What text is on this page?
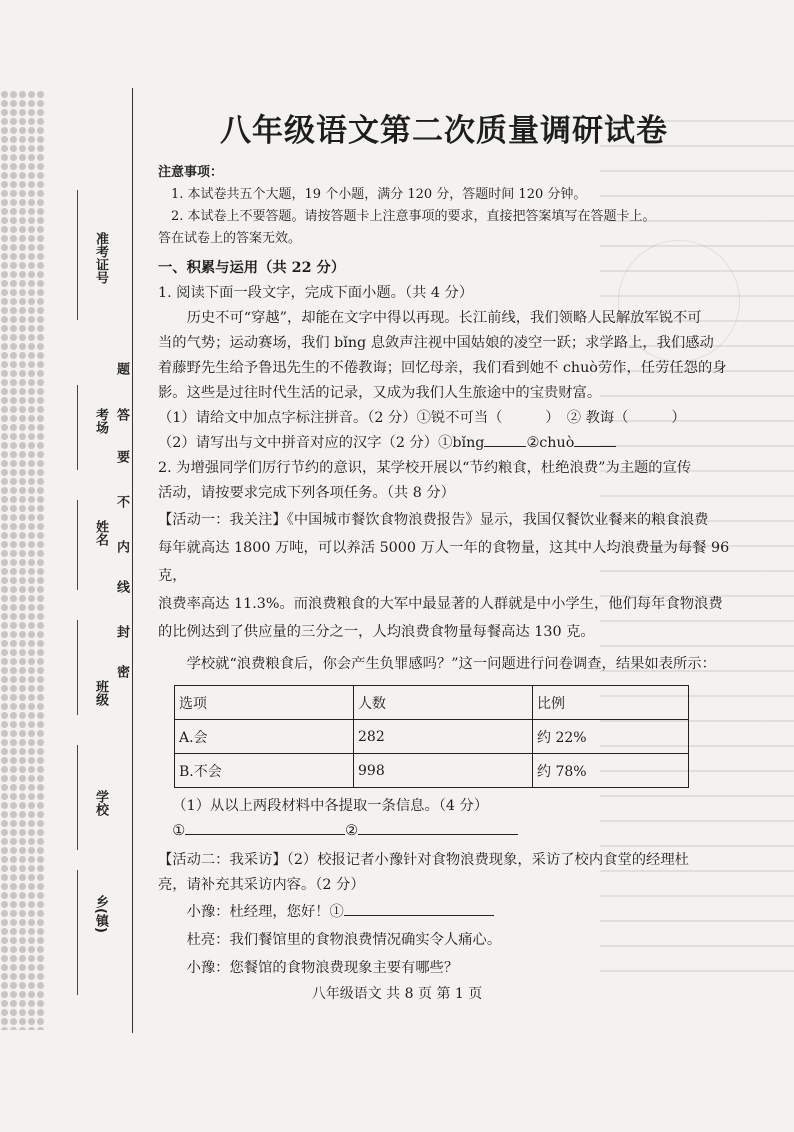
准考证号
考场
姓名
班级
学校
乡(镇)
密
封
线
内
不
要
答
题
八年级语文第二次质量调研试卷

注意事项：

1. 本试卷共五个大题，19 个小题，满分 120 分，答题时间 120 分钟。

2. 本试卷上不要答题。请按答题卡上注意事项的要求，直接把答案填写在答题卡上。

答在试卷上的答案无效。

一、积累与运用（共 22 分）

1. 阅读下面一段文字，完成下面小题。（共 4 分）

历史不可“穿越”，却能在文字中得以再现。长江前线，我们领略人民解放军锐不可

当的气势；运动赛场，我们 bǐng 息敛声注视中国姑娘的凌空一跃；求学路上，我们感动

着藤野先生给予鲁迅先生的不倦教诲；回忆母亲，我们看到她不 chuò劳作，任劳任怨的身

影。这些是过往时代生活的记录，又成为我们人生旅途中的宝贵财富。

（1）请给文中加点字标注拼音。（2 分）①锐不可当（　　　）　② 教诲（　　　）

（2）请写出与文中拼音对应的汉字（2 分）①bǐng	②chuò

2. 为增强同学们厉行节约的意识，某学校开展以“节约粮食，杜绝浪费”为主题的宣传

活动，请按要求完成下列各项任务。（共 8 分）

【活动一：我关注】《中国城市餐饮食物浪费报告》显示，我国仅餐饮业餐来的粮食浪费

每年就高达 1800 万吨，可以养活 5000 万人一年的食物量，这其中人均浪费量为每餐 96 克，

浪费率高达 11.3%。而浪费粮食的大军中最显著的人群就是中小学生，他们每年食物浪费

的比例达到了供应量的三分之一，人均浪费食物量每餐高达 130 克。

学校就“浪费粮食后，你会产生负罪感吗？”这一问题进行问卷调查，结果如表所示：

选项	人数	比例
A.会	282	约 22%
B.不会	998	约 78%

（1）从以上两段材料中各提取一条信息。（4 分）

①	②

【活动二：我采访】（2）校报记者小豫针对食物浪费现象，采访了校内食堂的经理杜

亮，请补充其采访内容。（2 分）

小豫：杜经理，您好！①

杜亮：我们餐馆里的食物浪费情况确实令人痛心。

小豫：您餐馆的食物浪费现象主要有哪些？

八年级语文 共 8 页 第 1 页
